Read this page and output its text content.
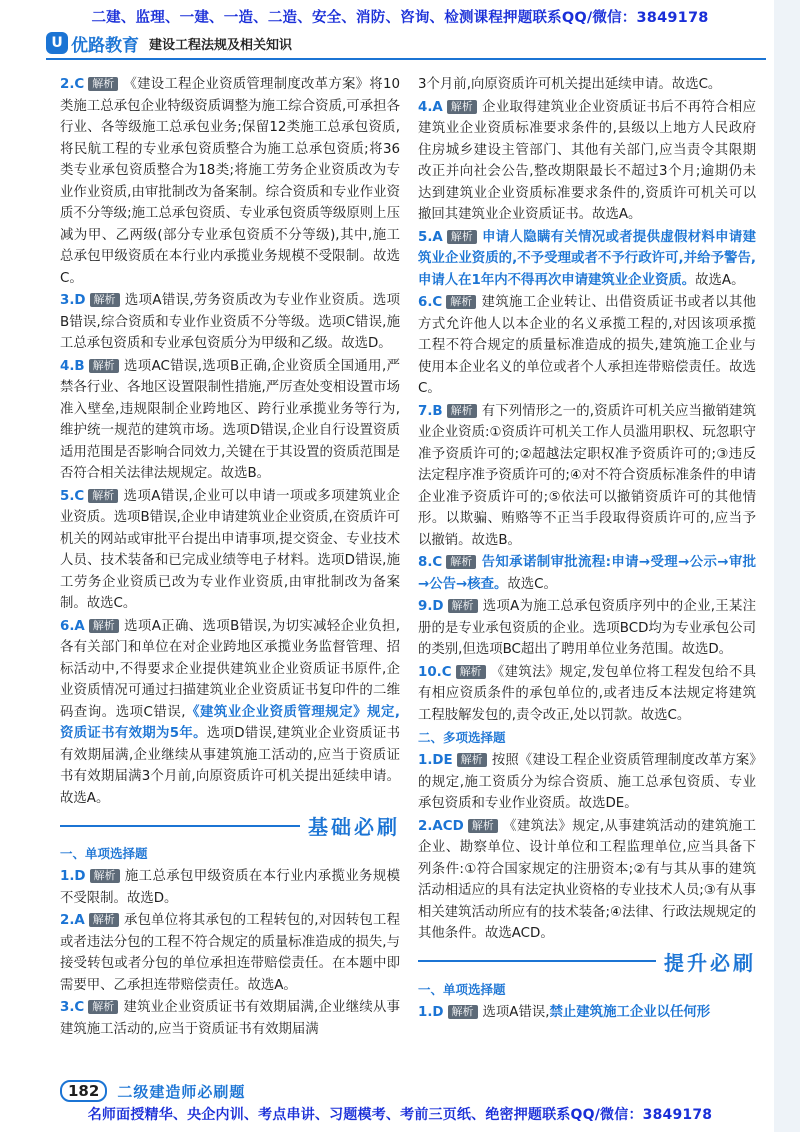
二建、监理、一建、一造、二造、安全、消防、咨询、检测课程押题联系QQ/微信：3849178
U 优路教育 建设工程法规及相关知识
2.C 解析 《建设工程企业资质管理制度改革方案》将10类施工总承包企业特级资质调整为施工综合资质,可承担各行业、各等级施工总承包业务;保留12类施工总承包资质,将民航工程的专业承包资质整合为施工总承包资质;将36类专业承包资质整合为18类;将施工劳务企业资质改为专业作业资质,由审批制改为备案制。综合资质和专业作业资质不分等级;施工总承包资质、专业承包资质等级原则上压减为甲、乙两级(部分专业承包资质不分等级),其中,施工总承包甲级资质在本行业内承揽业务规模不受限制。故选C。
3.D 解析 选项A错误,劳务资质改为专业作业资质。选项B错误,综合资质和专业作业资质不分等级。选项C错误,施工总承包资质和专业承包资质分为甲级和乙级。故选D。
4.B 解析 选项AC错误,选项B正确,企业资质全国通用,严禁各行业、各地区设置限制性措施,严厉查处变相设置市场准入壁垒,违规限制企业跨地区、跨行业承揽业务等行为,维护统一规范的建筑市场。选项D错误,企业自行设置资质适用范围是否影响合同效力,关键在于其设置的资质范围是否符合相关法律法规规定。故选B。
5.C 解析 选项A错误,企业可以申请一项或多项建筑业企业资质。选项B错误,企业申请建筑业企业资质,在资质许可机关的网站或审批平台提出申请事项,提交资金、专业技术人员、技术装备和已完成业绩等电子材料。选项D错误,施工劳务企业资质已改为专业作业资质,由审批制改为备案制。故选C。
6.A 解析 选项A正确、选项B错误,为切实减轻企业负担,各有关部门和单位在对企业跨地区承揽业务监督管理、招标活动中,不得要求企业提供建筑业企业资质证书原件,企业资质情况可通过扫描建筑业企业资质证书复印件的二维码查询。选项C错误,《建筑业企业资质管理规定》规定,资质证书有效期为5年。选项D错误,建筑业企业资质证书有效期届满,企业继续从事建筑施工活动的,应当于资质证书有效期届满3个月前,向原资质许可机关提出延续申请。故选A。
基础必刷
一、单项选择题
1.D 解析 施工总承包甲级资质在本行业内承揽业务规模不受限制。故选D。
2.A 解析 承包单位将其承包的工程转包的,对因转包工程或者违法分包的工程不符合规定的质量标准造成的损失,与接受转包或者分包的单位承担连带赔偿责任。在本题中即需要甲、乙承担连带赔偿责任。故选A。
3.C 解析 建筑业企业资质证书有效期届满,企业继续从事建筑施工活动的,应当于资质证书有效期届满
3个月前,向原资质许可机关提出延续申请。故选C。
4.A 解析 企业取得建筑业企业资质证书后不再符合相应建筑业企业资质标准要求条件的,县级以上地方人民政府住房城乡建设主管部门、其他有关部门,应当责令其限期改正并向社会公告,整改期限最长不超过3个月;逾期仍未达到建筑业企业资质标准要求条件的,资质许可机关可以撤回其建筑业企业资质证书。故选A。
5.A 解析 申请人隐瞒有关情况或者提供虚假材料申请建筑业企业资质的,不予受理或者不予行政许可,并给予警告,申请人在1年内不得再次申请建筑业企业资质。故选A。
6.C 解析 建筑施工企业转让、出借资质证书或者以其他方式允许他人以本企业的名义承揽工程的,对因该项承揽工程不符合规定的质量标准造成的损失,建筑施工企业与使用本企业名义的单位或者个人承担连带赔偿责任。故选C。
7.B 解析 有下列情形之一的,资质许可机关应当撤销建筑业企业资质:①资质许可机关工作人员滥用职权、玩忽职守准予资质许可的;②超越法定职权准予资质许可的;③违反法定程序准予资质许可的;④对不符合资质标准条件的申请企业准予资质许可的;⑤依法可以撤销资质许可的其他情形。以欺骗、贿赂等不正当手段取得资质许可的,应当予以撤销。故选B。
8.C 解析 告知承诺制审批流程:申请→受理→公示→审批→公告→核查。故选C。
9.D 解析 选项A为施工总承包资质序列中的企业,王某注册的是专业承包资质的企业。选项BCD均为专业承包公司的类别,但选项BC超出了聘用单位业务范围。故选D。
10.C 解析 《建筑法》规定,发包单位将工程发包给不具有相应资质条件的承包单位的,或者违反本法规定将建筑工程肢解发包的,责令改正,处以罚款。故选C。
二、多项选择题
1.DE 解析 按照《建设工程企业资质管理制度改革方案》的规定,施工资质分为综合资质、施工总承包资质、专业承包资质和专业作业资质。故选DE。
2.ACD 解析 《建筑法》规定,从事建筑活动的建筑施工企业、勘察单位、设计单位和工程监理单位,应当具备下列条件:①符合国家规定的注册资本;②有与其从事的建筑活动相适应的具有法定执业资格的专业技术人员;③有从事相关建筑活动所应有的技术装备;④法律、行政法规规定的其他条件。故选ACD。
提升必刷
一、单项选择题
1.D 解析 选项A错误,禁止建筑施工企业以任何形
182	二级建造师必刷题
名师面授精华、央企内训、考点串讲、习题模考、考前三页纸、绝密押题联系QQ/微信：3849178
